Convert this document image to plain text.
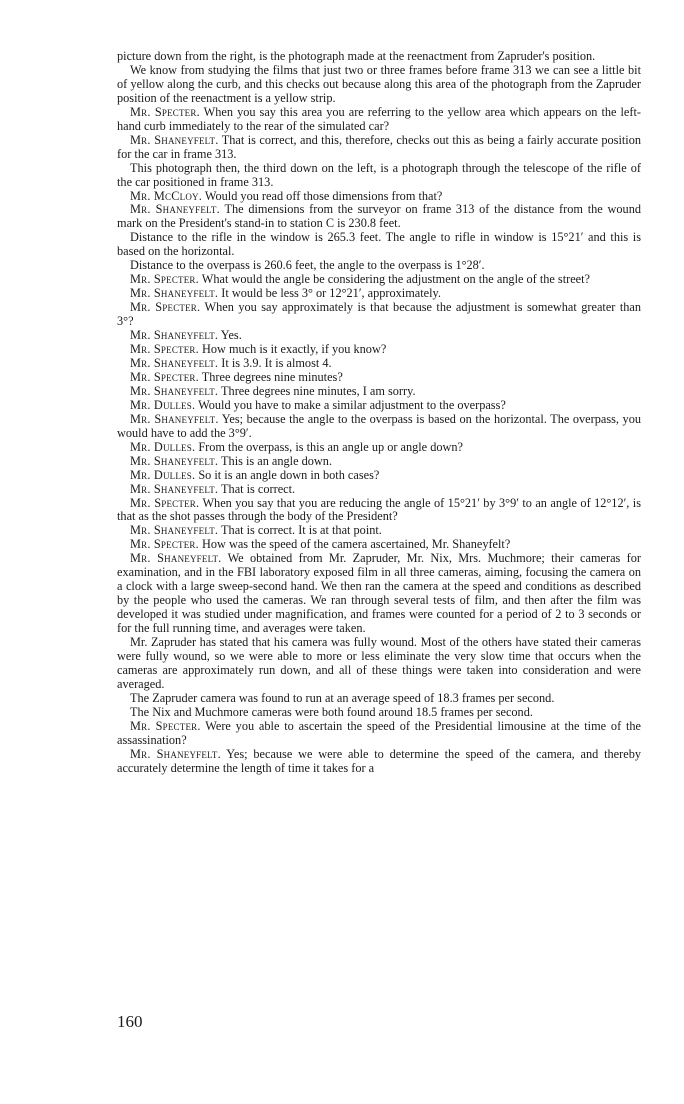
picture down from the right, is the photograph made at the reenactment from Zapruder's position.

We know from studying the films that just two or three frames before frame 313 we can see a little bit of yellow along the curb, and this checks out because along this area of the photograph from the Zapruder position of the reenactment is a yellow strip.

Mr. Specter. When you say this area you are referring to the yellow area which appears on the left-hand curb immediately to the rear of the simulated car?

Mr. Shaneyfelt. That is correct, and this, therefore, checks out this as being a fairly accurate position for the car in frame 313.

This photograph then, the third down on the left, is a photograph through the telescope of the rifle of the car positioned in frame 313.

Mr. McCloy. Would you read off those dimensions from that?

Mr. Shaneyfelt. The dimensions from the surveyor on frame 313 of the distance from the wound mark on the President's stand-in to station C is 230.8 feet.

Distance to the rifle in the window is 265.3 feet. The angle to rifle in window is 15°21′ and this is based on the horizontal.

Distance to the overpass is 260.6 feet, the angle to the overpass is 1°28′.

Mr. Specter. What would the angle be considering the adjustment on the angle of the street?

Mr. Shaneyfelt. It would be less 3° or 12°21′, approximately.

Mr. Specter. When you say approximately is that because the adjustment is somewhat greater than 3°?

Mr. Shaneyfelt. Yes.

Mr. Specter. How much is it exactly, if you know?

Mr. Shaneyfelt. It is 3.9. It is almost 4.

Mr. Specter. Three degrees nine minutes?

Mr. Shaneyfelt. Three degrees nine minutes, I am sorry.

Mr. Dulles. Would you have to make a similar adjustment to the overpass?

Mr. Shaneyfelt. Yes; because the angle to the overpass is based on the horizontal. The overpass, you would have to add the 3°9′.

Mr. Dulles. From the overpass, is this an angle up or angle down?

Mr. Shaneyfelt. This is an angle down.

Mr. Dulles. So it is an angle down in both cases?

Mr. Shaneyfelt. That is correct.

Mr. Specter. When you say that you are reducing the angle of 15°21′ by 3°9′ to an angle of 12°12′, is that as the shot passes through the body of the President?

Mr. Shaneyfelt. That is correct. It is at that point.

Mr. Specter. How was the speed of the camera ascertained, Mr. Shaneyfelt?

Mr. Shaneyfelt. We obtained from Mr. Zapruder, Mr. Nix, Mrs. Muchmore; their cameras for examination, and in the FBI laboratory exposed film in all three cameras, aiming, focusing the camera on a clock with a large sweep-second hand. We then ran the camera at the speed and conditions as described by the people who used the cameras. We ran through several tests of film, and then after the film was developed it was studied under magnification, and frames were counted for a period of 2 to 3 seconds or for the full running time, and averages were taken.

Mr. Zapruder has stated that his camera was fully wound. Most of the others have stated their cameras were fully wound, so we were able to more or less eliminate the very slow time that occurs when the cameras are approximately run down, and all of these things were taken into consideration and were averaged.

The Zapruder camera was found to run at an average speed of 18.3 frames per second.

The Nix and Muchmore cameras were both found around 18.5 frames per second.

Mr. Specter. Were you able to ascertain the speed of the Presidential limousine at the time of the assassination?

Mr. Shaneyfelt. Yes; because we were able to determine the speed of the camera, and thereby accurately determine the length of time it takes for a

160
